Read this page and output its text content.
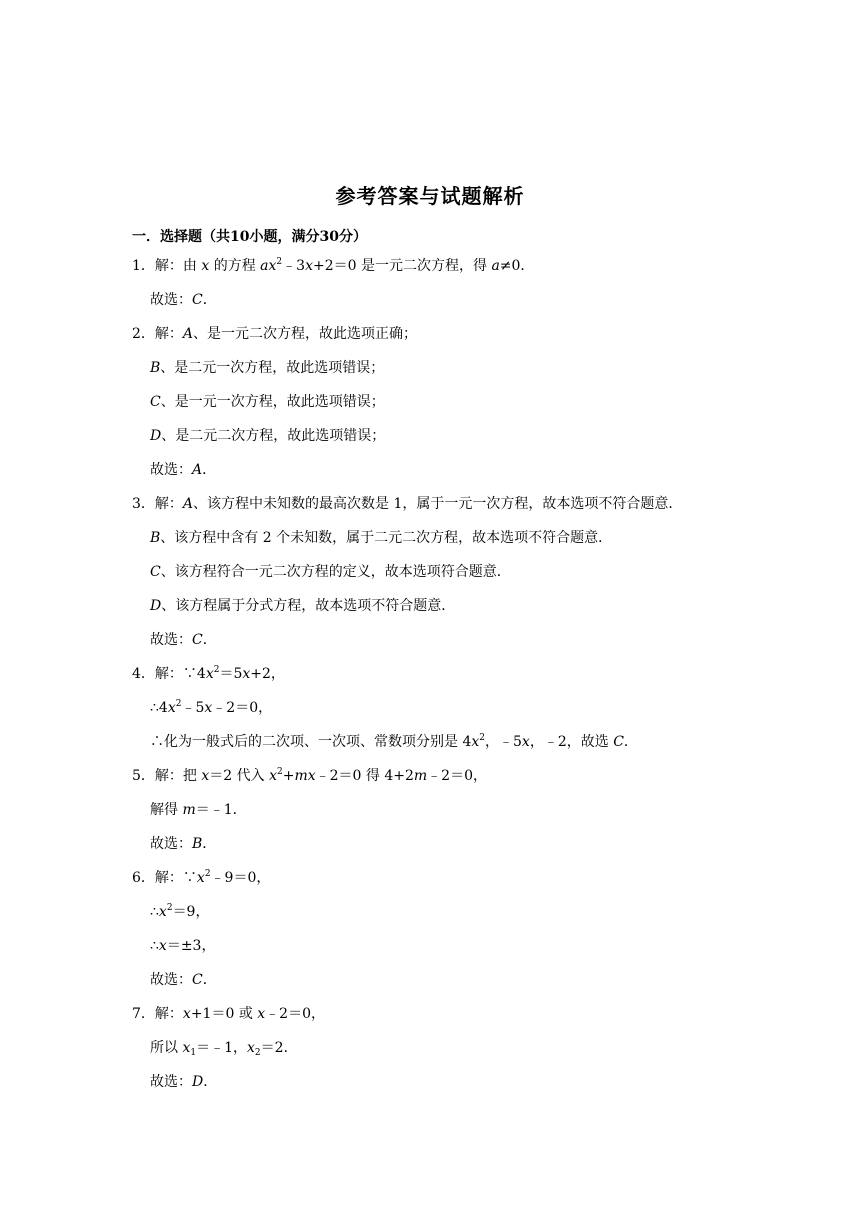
参考答案与试题解析
一．选择题（共10小题，满分30分）
1．解：由 x 的方程 $ax^2﹣3x+2=0$ 是一元二次方程，得 a≠0．
故选：C．
2．解：A、是一元二次方程，故此选项正确；
B、是二元一次方程，故此选项错误；
C、是一元一次方程，故此选项错误；
D、是二元二次方程，故此选项错误；
故选：A．
3．解：A、该方程中未知数的最高次数是 1，属于一元一次方程，故本选项不符合题意．
B、该方程中含有 2 个未知数，属于二元二次方程，故本选项不符合题意．
C、该方程符合一元二次方程的定义，故本选项符合题意．
D、该方程属于分式方程，故本选项不符合题意．
故选：C．
4．解：$\because 4x^2=5x+2$，
$\therefore 4x^2﹣5x﹣2=0$，
∴化为一般式后的二次项、一次项、常数项分别是 $4x^2$，﹣5x，﹣2，故选 C．
5．解：把 x＝2 代入 $x^2+mx﹣2=0$ 得 4+2m﹣2＝0，
解得 m＝﹣1．
故选：B．
6．解：$\because x^2﹣9=0$，
$\therefore x^2=9$，
∴x＝±3，
故选：C．
7．解：x+1＝0 或 x﹣2＝0，
所以 $x_1=﹣1$，$x_2=2$．
故选：D．
